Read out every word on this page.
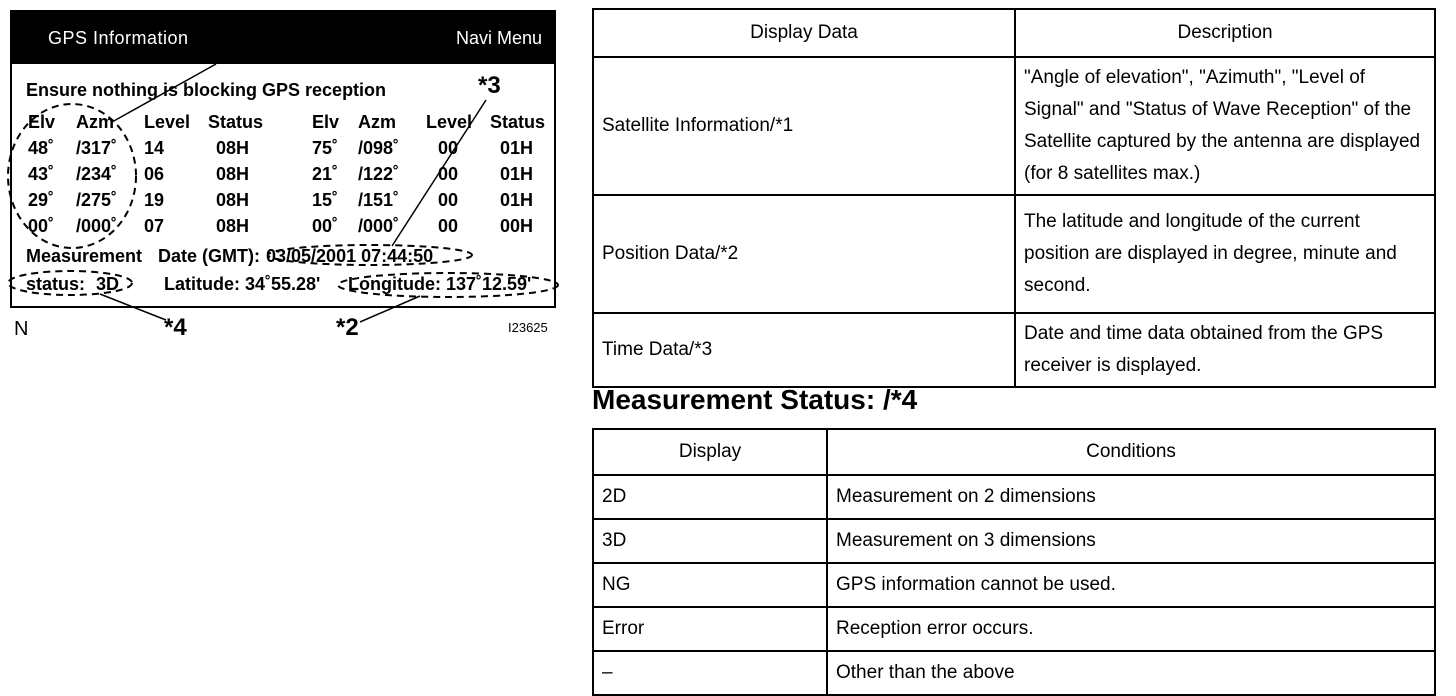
GPS Information	Navi Menu
Ensure nothing is blocking GPS reception
Elv Azm Level Status	Elv Azm Level Status
48˚ /317˚ 14	08H	75˚ /098˚ 00 01H
43˚ /234˚ 06	08H	21˚ /122˚ 00 01H
29˚ /275˚ 19	08H	15˚ /151˚ 00 01H
00˚ /000˚ 07	08H	00˚ /000˚ 00 00H
Measurement Date (GMT): 03/05/2001 07:44:50
status: 3D Latitude: 34˚55.28' Longitude: 137˚12.59'
*1
*3
*2
*4
N	I23625
Display Data	Description
Satellite Information/*1	"Angle of elevation", "Azimuth", "Level of Signal" and "Status of Wave Reception" of the Satellite captured by the antenna are displayed (for 8 satellites max.)
Position Data/*2	The latitude and longitude of the current position are displayed in degree, minute and second.
Time Data/*3	Date and time data obtained from the GPS receiver is displayed.
Measurement Status: /*4
Display	Conditions
2D	Measurement on 2 dimensions
3D	Measurement on 3 dimensions
NG	GPS information cannot be used.
Error	Reception error occurs.
–	Other than the above
